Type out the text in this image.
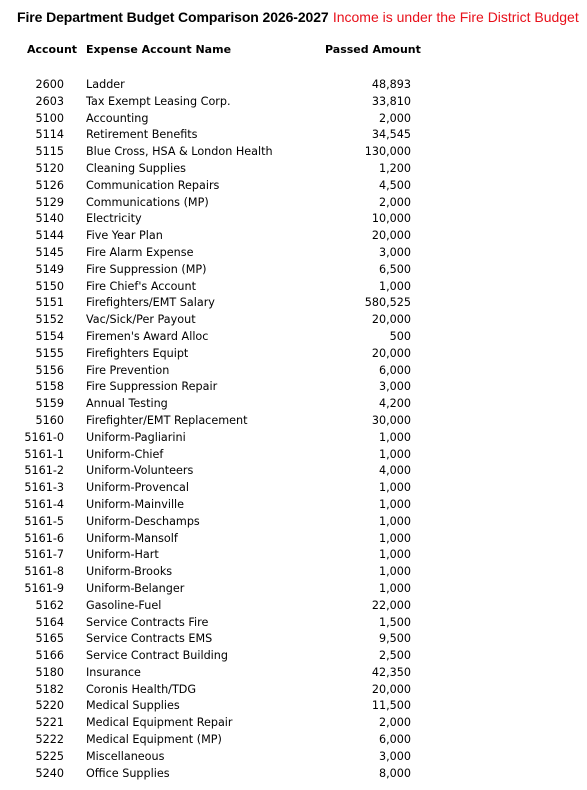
Fire Department Budget Comparison 2026-2027 Income is under the Fire District Budget
Account Expense Account Name	Passed Amount
2600 Ladder	48,893
2603 Tax Exempt Leasing Corp.	33,810
5100 Accounting	2,000
5114 Retirement Benefits	34,545
5115 Blue Cross, HSA & London Health	130,000
5120 Cleaning Supplies	1,200
5126 Communication Repairs	4,500
5129 Communications (MP)	2,000
5140 Electricity	10,000
5144 Five Year Plan	20,000
5145 Fire Alarm Expense	3,000
5149 Fire Suppression (MP)	6,500
5150 Fire Chief's Account	1,000
5151 Firefighters/EMT Salary	580,525
5152 Vac/Sick/Per Payout	20,000
5154 Firemen's Award Alloc	500
5155 Firefighters Equipt	20,000
5156 Fire Prevention	6,000
5158 Fire Suppression Repair	3,000
5159 Annual Testing	4,200
5160 Firefighter/EMT Replacement	30,000
5161-0 Uniform-Pagliarini	1,000
5161-1 Uniform-Chief	1,000
5161-2 Uniform-Volunteers	4,000
5161-3 Uniform-Provencal	1,000
5161-4 Uniform-Mainville	1,000
5161-5 Uniform-Deschamps	1,000
5161-6 Uniform-Mansolf	1,000
5161-7 Uniform-Hart	1,000
5161-8 Uniform-Brooks	1,000
5161-9 Uniform-Belanger	1,000
5162 Gasoline-Fuel	22,000
5164 Service Contracts Fire	1,500
5165 Service Contracts EMS	9,500
5166 Service Contract Building	2,500
5180 Insurance	42,350
5182 Coronis Health/TDG	20,000
5220 Medical Supplies	11,500
5221 Medical Equipment Repair	2,000
5222 Medical Equipment (MP)	6,000
5225 Miscellaneous	3,000
5240 Office Supplies	8,000
